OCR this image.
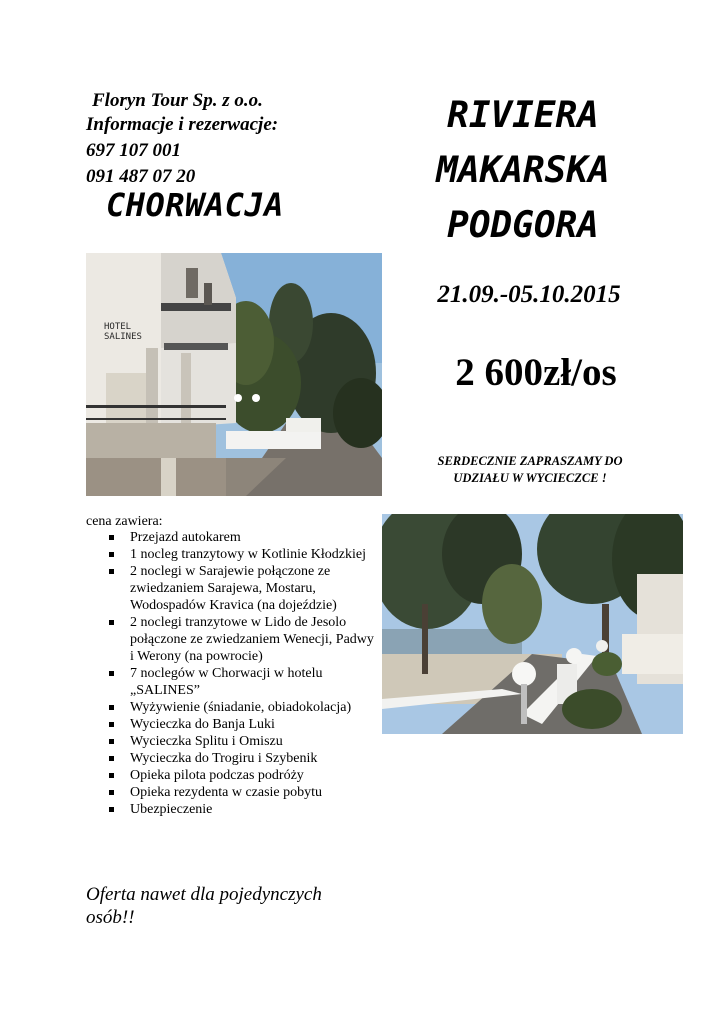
Floryn Tour Sp. z o.o.
Informacje i rezerwacje:
697 107 001
091 487 07 20
CHORWACJA
RIVIERA
MAKARSKA
PODGORA
21.09.-05.10.2015
2 600zł/os
SERDECZNIE ZAPRASZAMY DO
UDZIAŁU W WYCIECZCE !
HOTEL
SALINES
cena zawiera:
Przejazd autokarem
1 nocleg tranzytowy w Kotlinie Kłodzkiej
2 noclegi w Sarajewie połączone ze zwiedzaniem Sarajewa, Mostaru, Wodospadów Kravica (na dojeździe)
2 noclegi tranzytowe w Lido de Jesolo połączone ze zwiedzaniem Wenecji, Padwy i Werony (na powrocie)
7 noclegów w Chorwacji w hotelu „SALINES”
Wyżywienie (śniadanie, obiadokolacja)
Wycieczka do Banja Luki
Wycieczka Splitu i Omiszu
Wycieczka do Trogiru i Szybenik
Opieka pilota podczas podróży
Opieka rezydenta w czasie pobytu
Ubezpieczenie
Oferta nawet dla pojedynczych
osób!!
